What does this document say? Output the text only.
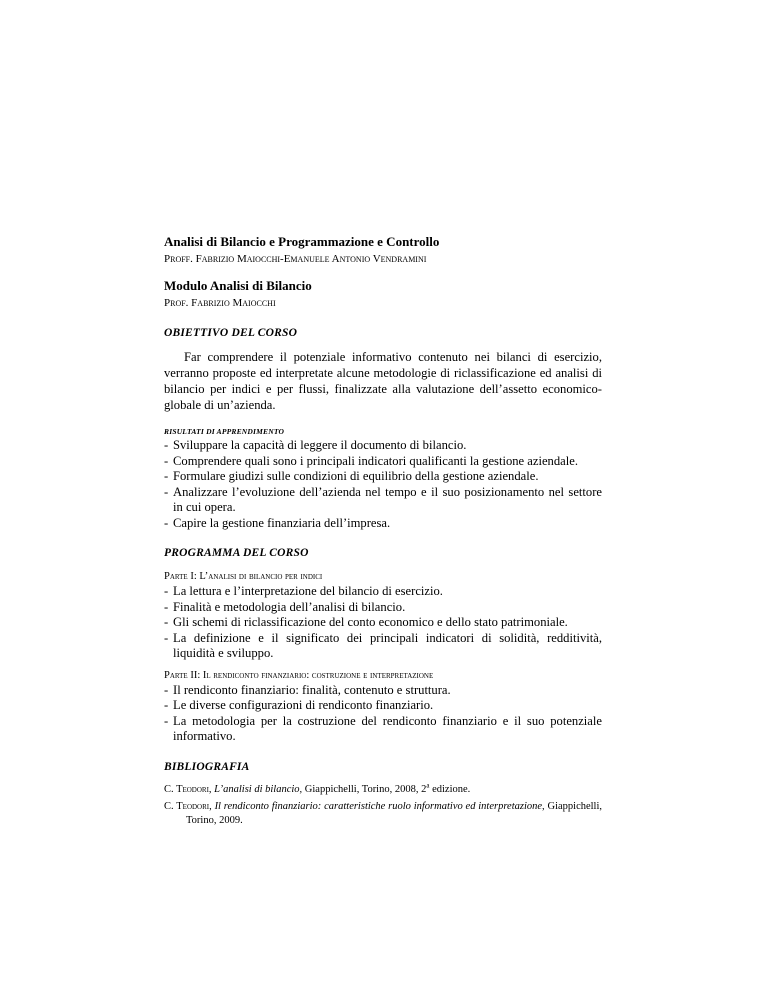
Analisi di Bilancio e Programmazione e Controllo

Proff. Fabrizio Maiocchi-Emanuele Antonio Vendramini

Modulo Analisi di Bilancio

Prof. Fabrizio Maiocchi

OBIETTIVO DEL CORSO

Far comprendere il potenziale informativo contenuto nei bilanci di esercizio, verranno proposte ed interpretate alcune metodologie di riclassificazione ed analisi di bilancio per indici e per flussi, finalizzate alla valutazione dell’assetto economico-globale di un’azienda.

RISULTATI DI APPRENDIMENTO

- Sviluppare la capacità di leggere il documento di bilancio.
- Comprendere quali sono i principali indicatori qualificanti la gestione aziendale.
- Formulare giudizi sulle condizioni di equilibrio della gestione aziendale.
- Analizzare l’evoluzione dell’azienda nel tempo e il suo posizionamento nel settore in cui opera.
- Capire la gestione finanziaria dell’impresa.

PROGRAMMA DEL CORSO

Parte I: L’analisi di bilancio per indici

- La lettura e l’interpretazione del bilancio di esercizio.
- Finalità e metodologia dell’analisi di bilancio.
- Gli schemi di riclassificazione del conto economico e dello stato patrimoniale.
- La definizione e il significato dei principali indicatori di solidità, redditività, liquidità e sviluppo.

Parte II: Il rendiconto finanziario: costruzione e interpretazione

- Il rendiconto finanziario: finalità, contenuto e struttura.
- Le diverse configurazioni di rendiconto finanziario.
- La metodologia per la costruzione del rendiconto finanziario e il suo potenziale informativo.

BIBLIOGRAFIA

C. Teodori, L’analisi di bilancio, Giappichelli, Torino, 2008, 2$^a$ edizione.

C. Teodori, Il rendiconto finanziario: caratteristiche ruolo informativo ed interpretazione, Giappichelli, Torino, 2009.
